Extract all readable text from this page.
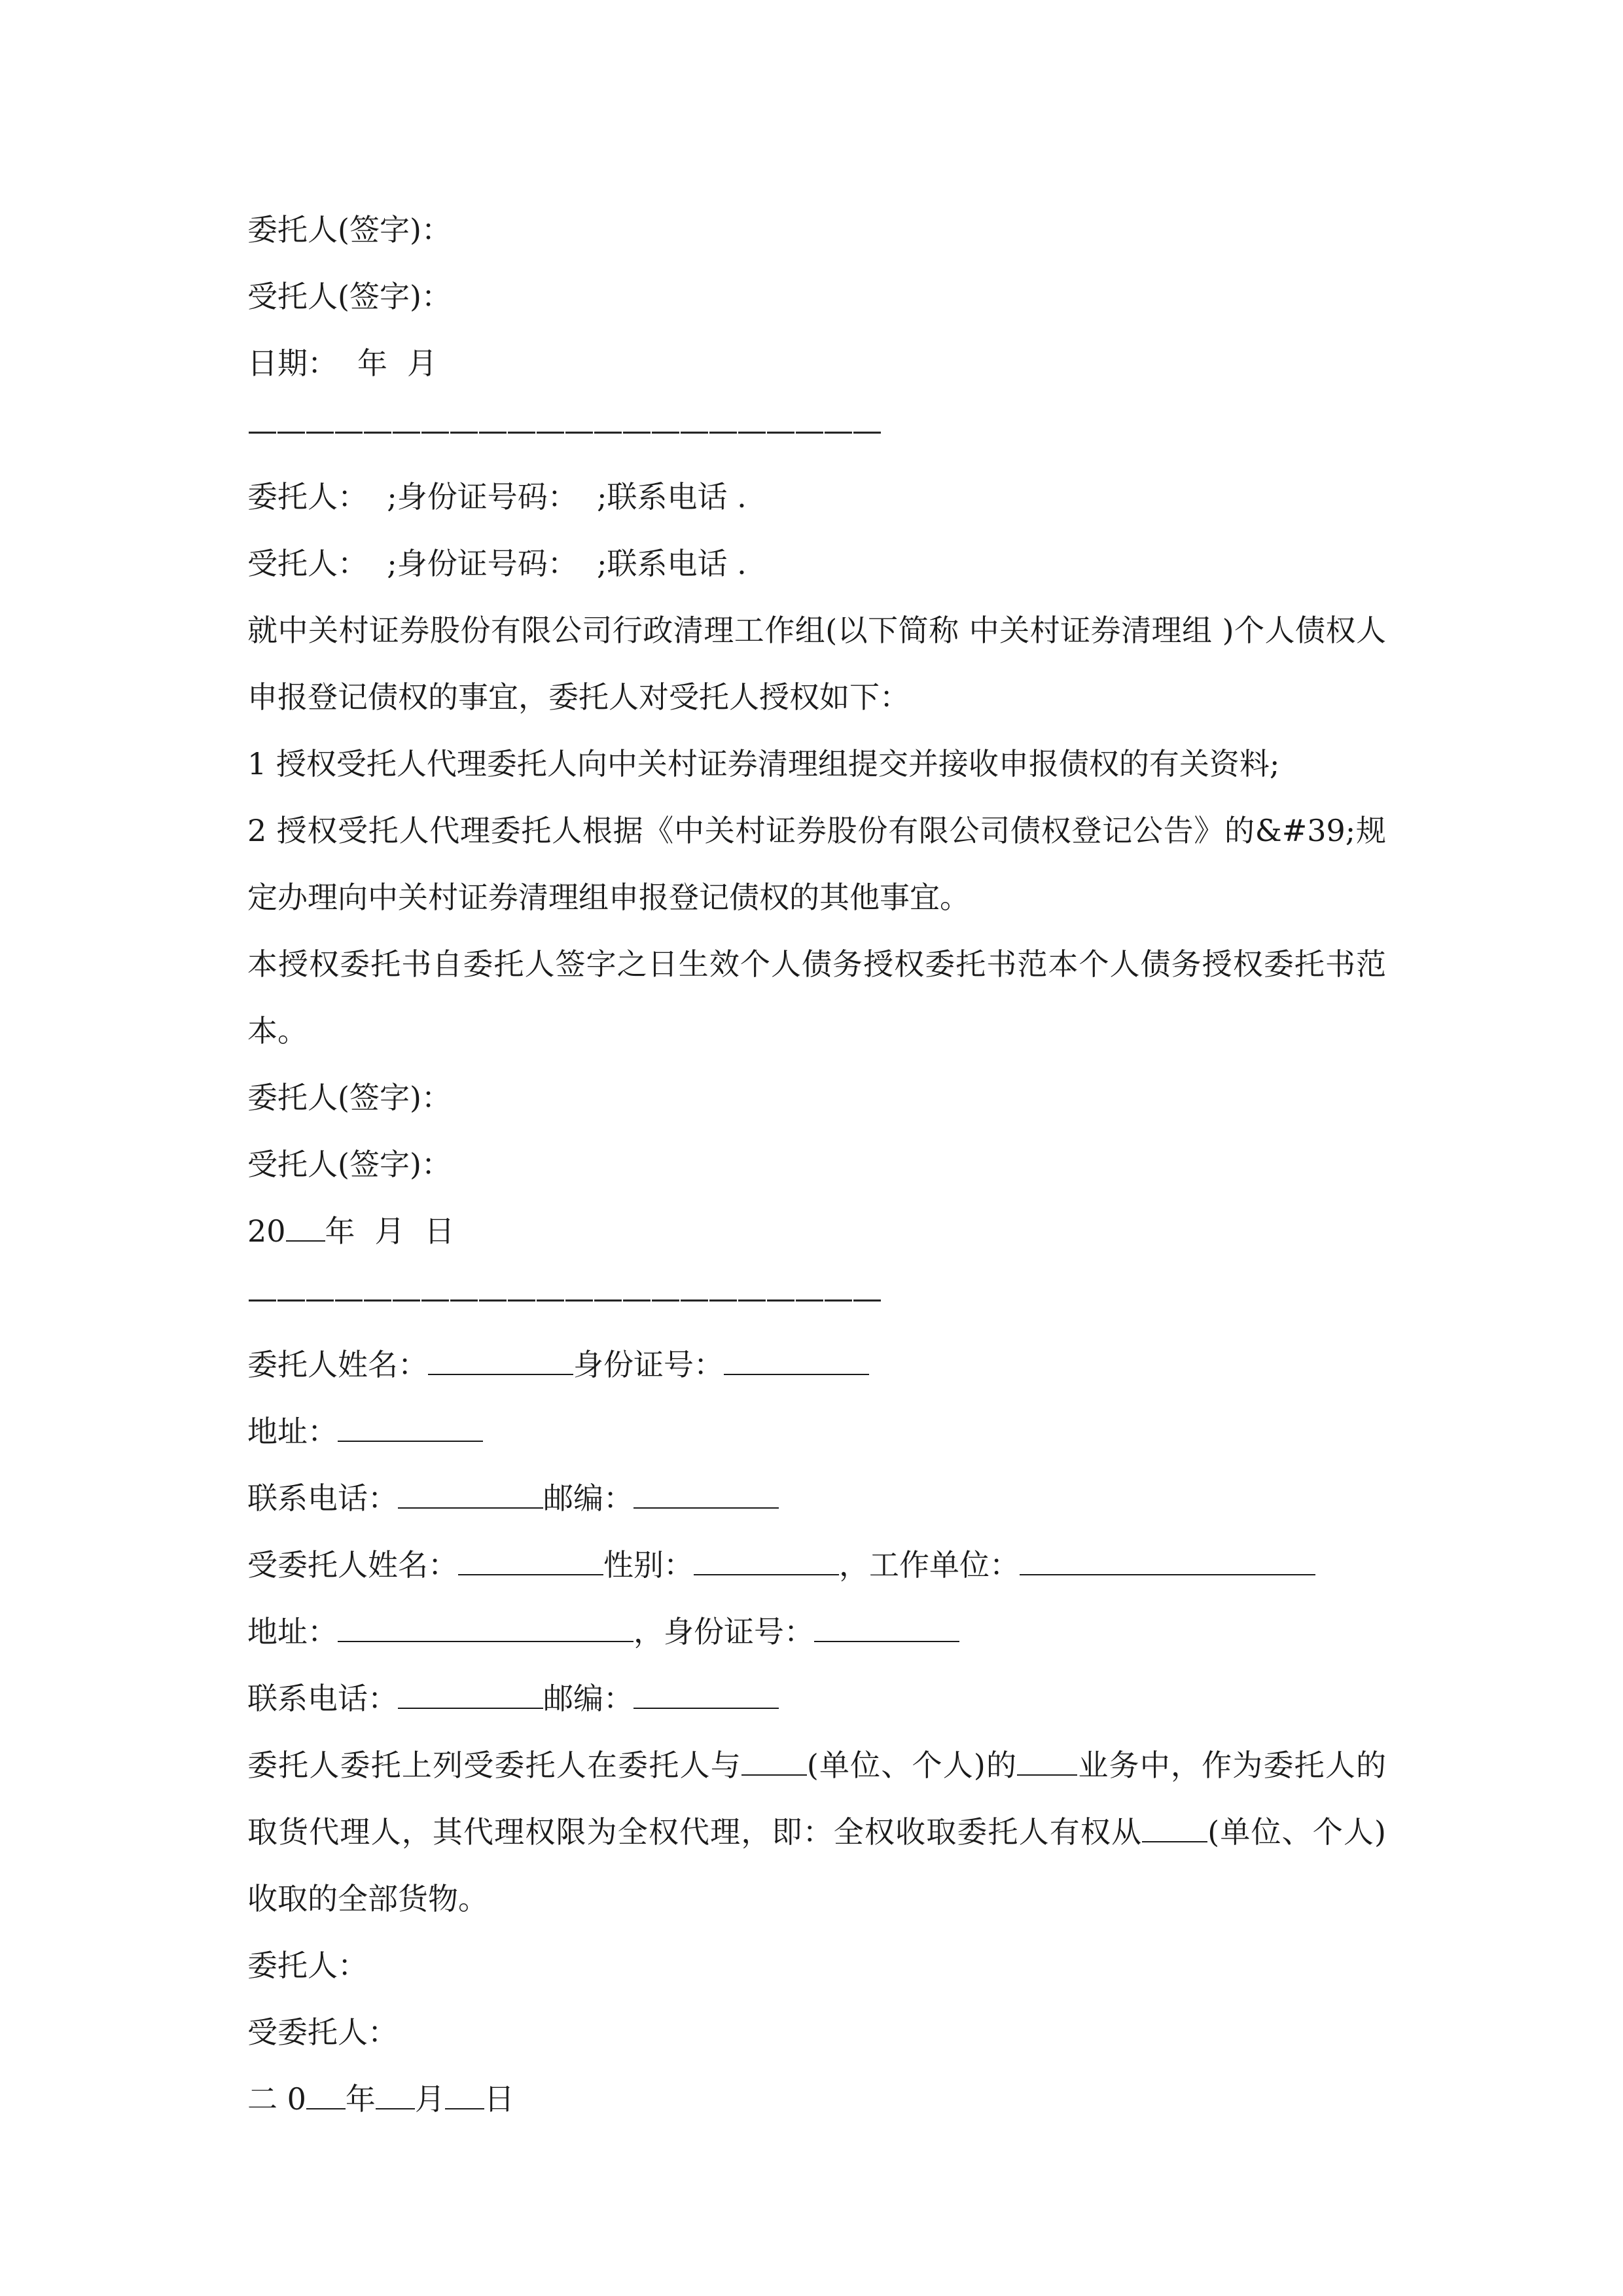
委托人(签字)：
受托人(签字)：
日期： 年 月
——————————————————————
委托人：  ;身份证号码：  ;联系电话 .
受托人：  ;身份证号码：  ;联系电话 .
就中关村证券股份有限公司行政清理工作组(以下简称 中关村证券清理组 )个人债权人申报登记债权的事宜，委托人对受托人授权如下：
1 授权受托人代理委托人向中关村证券清理组提交并接收申报债权的有关资料;
2 授权受托人代理委托人根据《中关村证券股份有限公司债权登记公告》的&#39;规定办理向中关村证券清理组申报登记债权的其他事宜。
本授权委托书自委托人签字之日生效个人债务授权委托书范本个人债务授权委托书范本。
委托人(签字)：
受托人(签字)：
20 年 月 日
——————————————————————
委托人姓名：	身份证号：
地址：
联系电话：	邮编：
受委托人姓名：	性别：	，工作单位：
地址：	，身份证号：
联系电话：	邮编：
委托人委托上列受委托人在委托人与 (单位、个人)的 业务中，作为委托人的取货代理人，其代理权限为全权代理，即：全权收取委托人有权从 (单位、个人)收取的全部货物。
委托人：
受委托人：
二 0 年 月 日
